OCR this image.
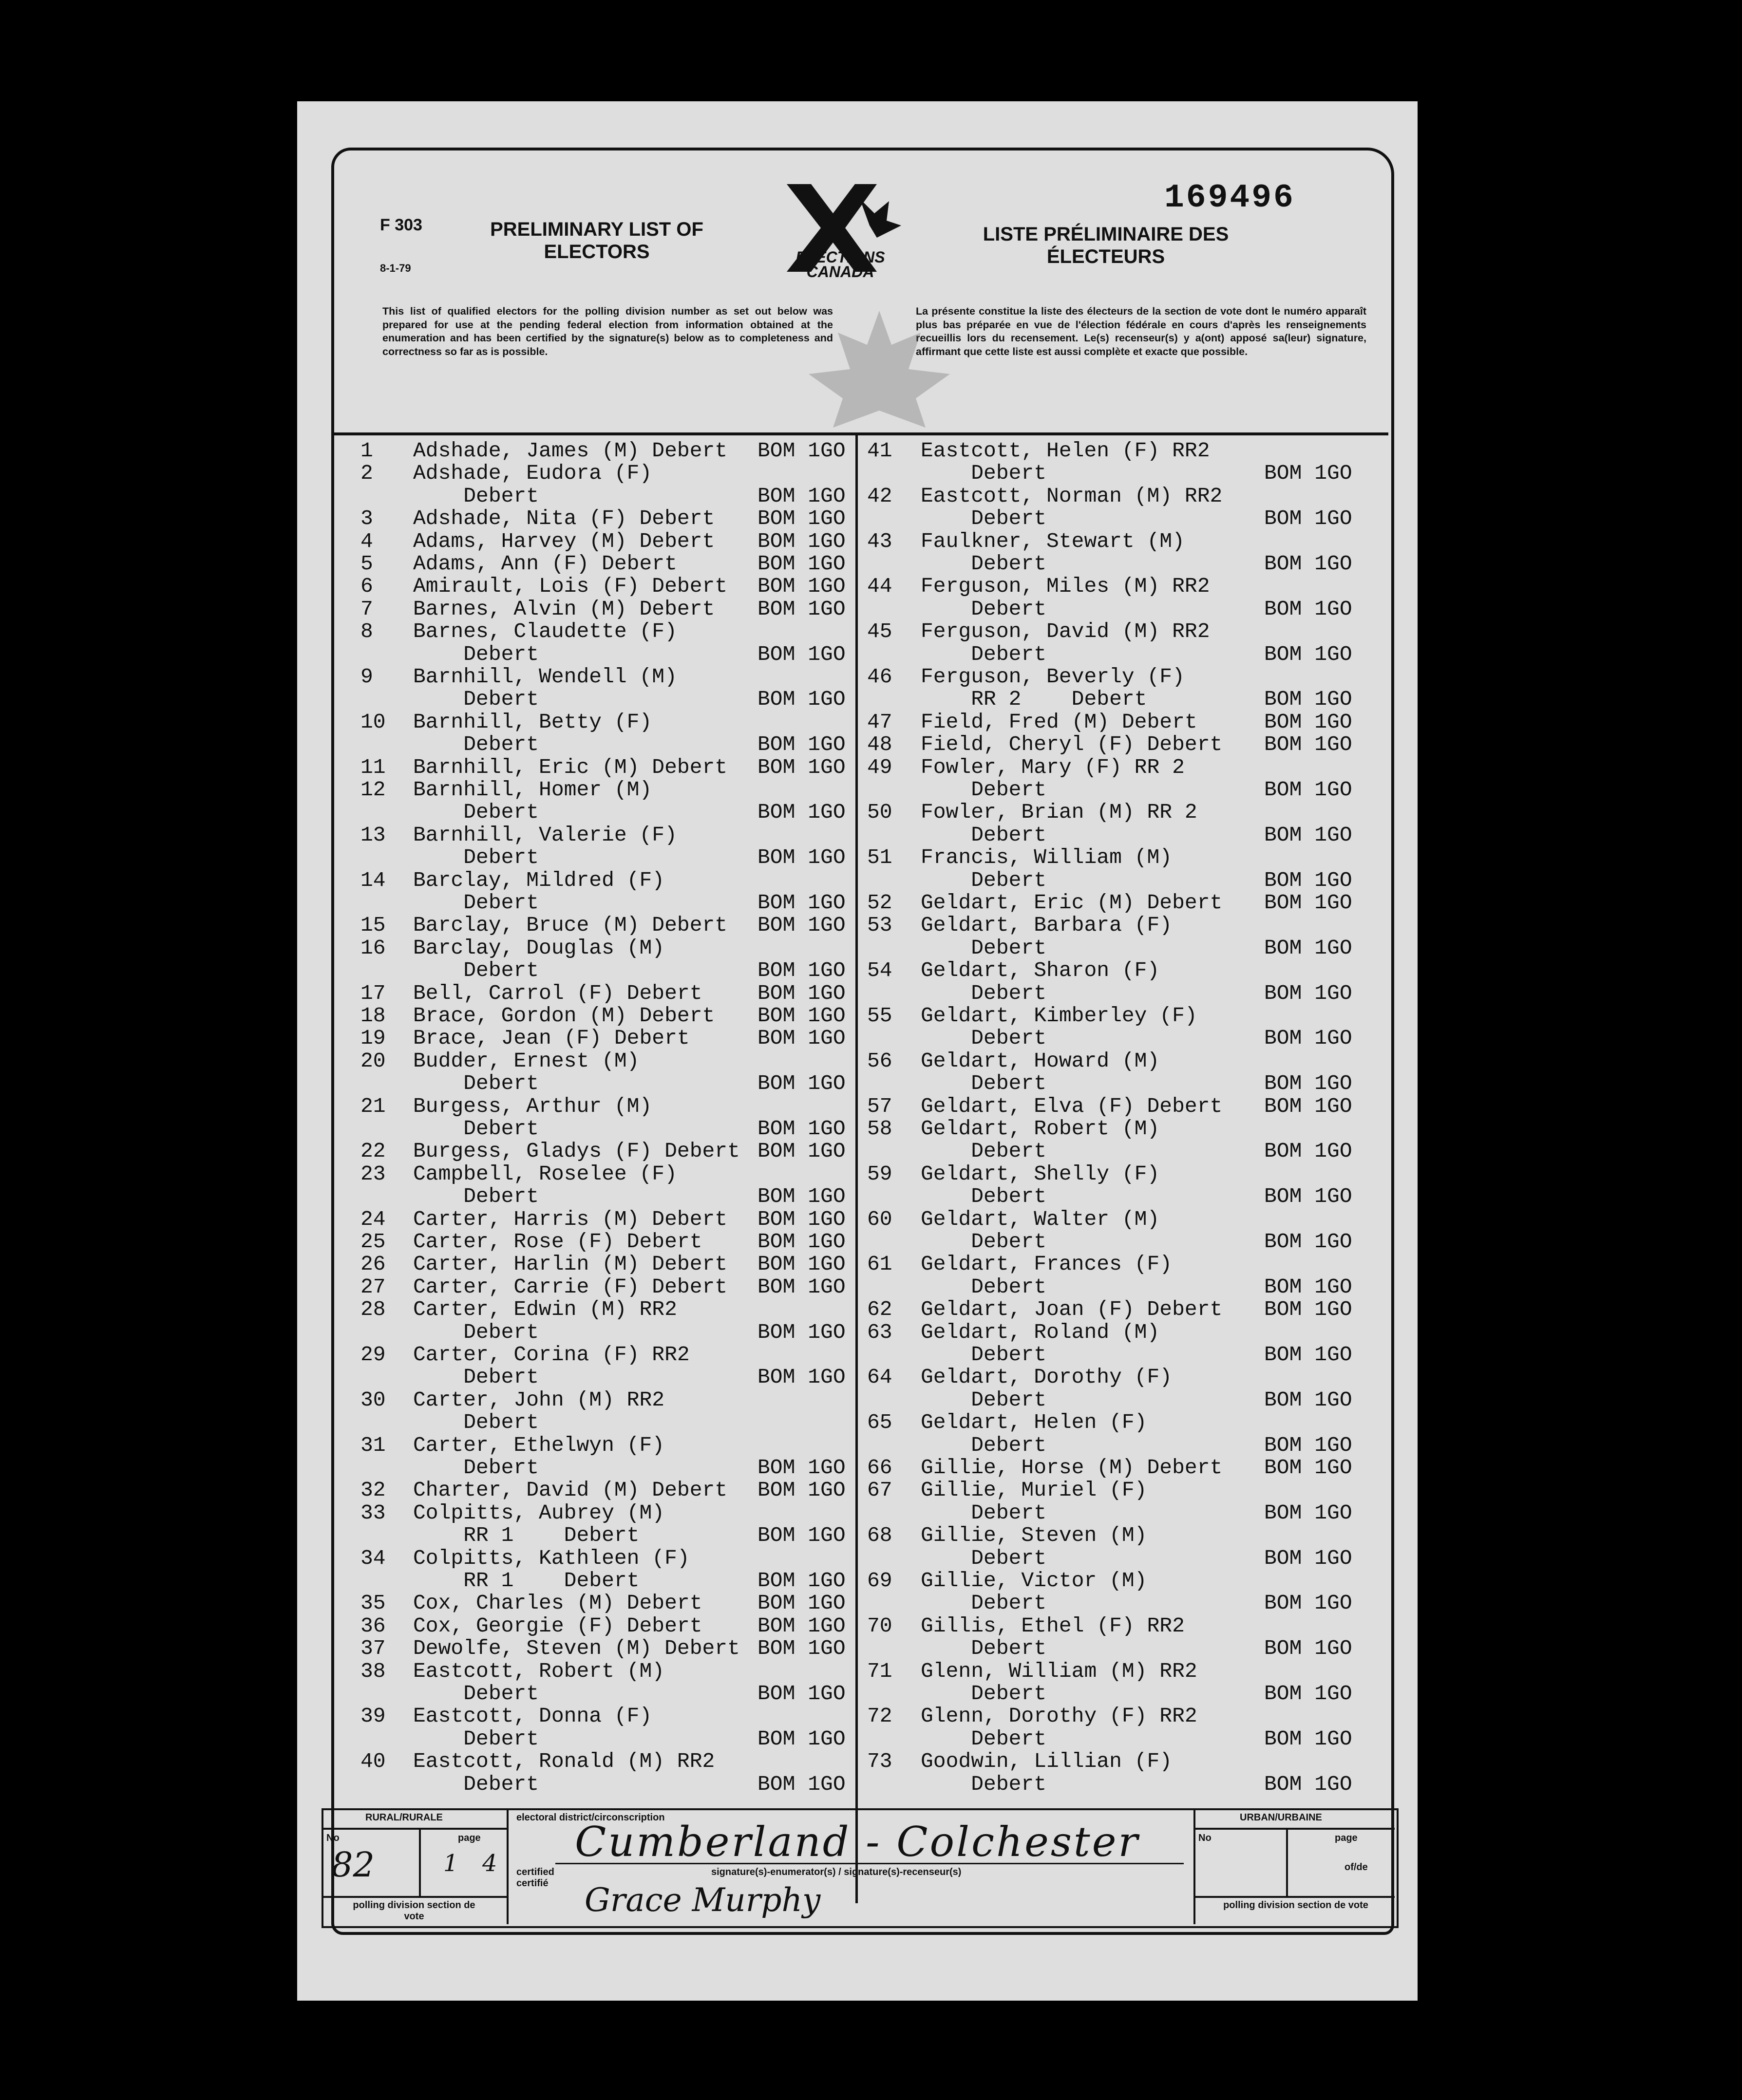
F 303
8-1-79
PRELIMINARY LIST OF ELECTORS	ELECTIONS CANADA
169496
LISTE PRÉLIMINAIRE DES ÉLECTEURS
This list of qualified electors for the polling division number as set out below was prepared for use at the pending federal election from information obtained at the enumeration and has been certified by the signature(s) below as to completeness and correctness so far as is possible.
La présente constitue la liste des électeurs de la section de vote dont le numéro apparaît plus bas préparée en vue de l'élection fédérale en cours d'après les renseignements recueillis lors du recensement. Le(s) recenseur(s) y a(ont) apposé sa(leur) signature, affirmant que cette liste est aussi complète et exacte que possible.
1 Adshade, James (M) Debert BOM 1GO
2 Adshade, Eudora (F)
Debert	BOM 1GO
3 Adshade, Nita (F) Debert BOM 1GO
4 Adams, Harvey (M) Debert BOM 1GO
5 Adams, Ann (F) Debert	BOM 1GO
6 Amirault, Lois (F) Debert BOM 1GO
7 Barnes, Alvin (M) Debert BOM 1GO
8 Barnes, Claudette (F)
Debert	BOM 1GO
9 Barnhill, Wendell (M)
Debert	BOM 1GO
10 Barnhill, Betty (F)
Debert	BOM 1GO
11 Barnhill, Eric (M) Debert BOM 1GO
12 Barnhill, Homer (M)
Debert	BOM 1GO
13 Barnhill, Valerie (F)
Debert	BOM 1GO
14 Barclay, Mildred (F)
Debert	BOM 1GO
15 Barclay, Bruce (M) Debert BOM 1GO
16 Barclay, Douglas (M)
Debert	BOM 1GO
17 Bell, Carrol (F) Debert	BOM 1GO
18 Brace, Gordon (M) Debert BOM 1GO
19 Brace, Jean (F) Debert	BOM 1GO
20 Budder, Ernest (M)
Debert	BOM 1GO
21 Burgess, Arthur (M)
Debert	BOM 1GO
22 Burgess, Gladys (F) Debert BOM 1GO
23 Campbell, Roselee (F)
Debert	BOM 1GO
24 Carter, Harris (M) Debert BOM 1GO
25 Carter, Rose (F) Debert	BOM 1GO
26 Carter, Harlin (M) Debert BOM 1GO
27 Carter, Carrie (F) Debert BOM 1GO
28 Carter, Edwin (M) RR2
Debert	BOM 1GO
29 Carter, Corina (F) RR2
Debert	BOM 1GO
30 Carter, John (M) RR2
Debert
31 Carter, Ethelwyn (F)
Debert	BOM 1GO
32 Charter, David (M) Debert BOM 1GO
33 Colpitts, Aubrey (M)
RR 1    Debert	BOM 1GO
34 Colpitts, Kathleen (F)
RR 1    Debert	BOM 1GO
35 Cox, Charles (M) Debert	BOM 1GO
36 Cox, Georgie (F) Debert	BOM 1GO
37 Dewolfe, Steven (M) Debert BOM 1GO
38 Eastcott, Robert (M)
Debert	BOM 1GO
39 Eastcott, Donna (F)
Debert	BOM 1GO
40 Eastcott, Ronald (M) RR2
Debert	BOM 1GO
41 Eastcott, Helen (F) RR2
Debert	BOM 1GO
42 Eastcott, Norman (M) RR2
Debert	BOM 1GO
43 Faulkner, Stewart (M)
Debert	BOM 1GO
44 Ferguson, Miles (M) RR2
Debert	BOM 1GO
45 Ferguson, David (M) RR2
Debert	BOM 1GO
46 Ferguson, Beverly (F)
RR 2    Debert	BOM 1GO
47 Field, Fred (M) Debert	BOM 1GO
48 Field, Cheryl (F) Debert BOM 1GO
49 Fowler, Mary (F) RR 2
Debert	BOM 1GO
50 Fowler, Brian (M) RR 2
Debert	BOM 1GO
51 Francis, William (M)
Debert	BOM 1GO
52 Geldart, Eric (M) Debert BOM 1GO
53 Geldart, Barbara (F)
Debert	BOM 1GO
54 Geldart, Sharon (F)
Debert	BOM 1GO
55 Geldart, Kimberley (F)
Debert	BOM 1GO
56 Geldart, Howard (M)
Debert	BOM 1GO
57 Geldart, Elva (F) Debert BOM 1GO
58 Geldart, Robert (M)
Debert	BOM 1GO
59 Geldart, Shelly (F)
Debert	BOM 1GO
60 Geldart, Walter (M)
Debert	BOM 1GO
61 Geldart, Frances (F)
Debert	BOM 1GO
62 Geldart, Joan (F) Debert BOM 1GO
63 Geldart, Roland (M)
Debert	BOM 1GO
64 Geldart, Dorothy (F)
Debert	BOM 1GO
65 Geldart, Helen (F)
Debert	BOM 1GO
66 Gillie, Horse (M) Debert BOM 1GO
67 Gillie, Muriel (F)
Debert	BOM 1GO
68 Gillie, Steven (M)
Debert	BOM 1GO
69 Gillie, Victor (M)
Debert	BOM 1GO
70 Gillis, Ethel (F) RR2
Debert	BOM 1GO
71 Glenn, William (M) RR2
Debert	BOM 1GO
72 Glenn, Dorothy (F) RR2
Debert	BOM 1GO
73 Goodwin, Lillian (F)
Debert	BOM 1GO
RURAL/RURALE	URBAN/URBAINE
No	page	No	page
of/de
polling division section de vote
polling division section de vote
electoral district/circonscription
certified certifié
signature(s)-enumerator(s) / signature(s)-recenseur(s)
82	1 4 Cumberland - Colchester
Grace Murphy
